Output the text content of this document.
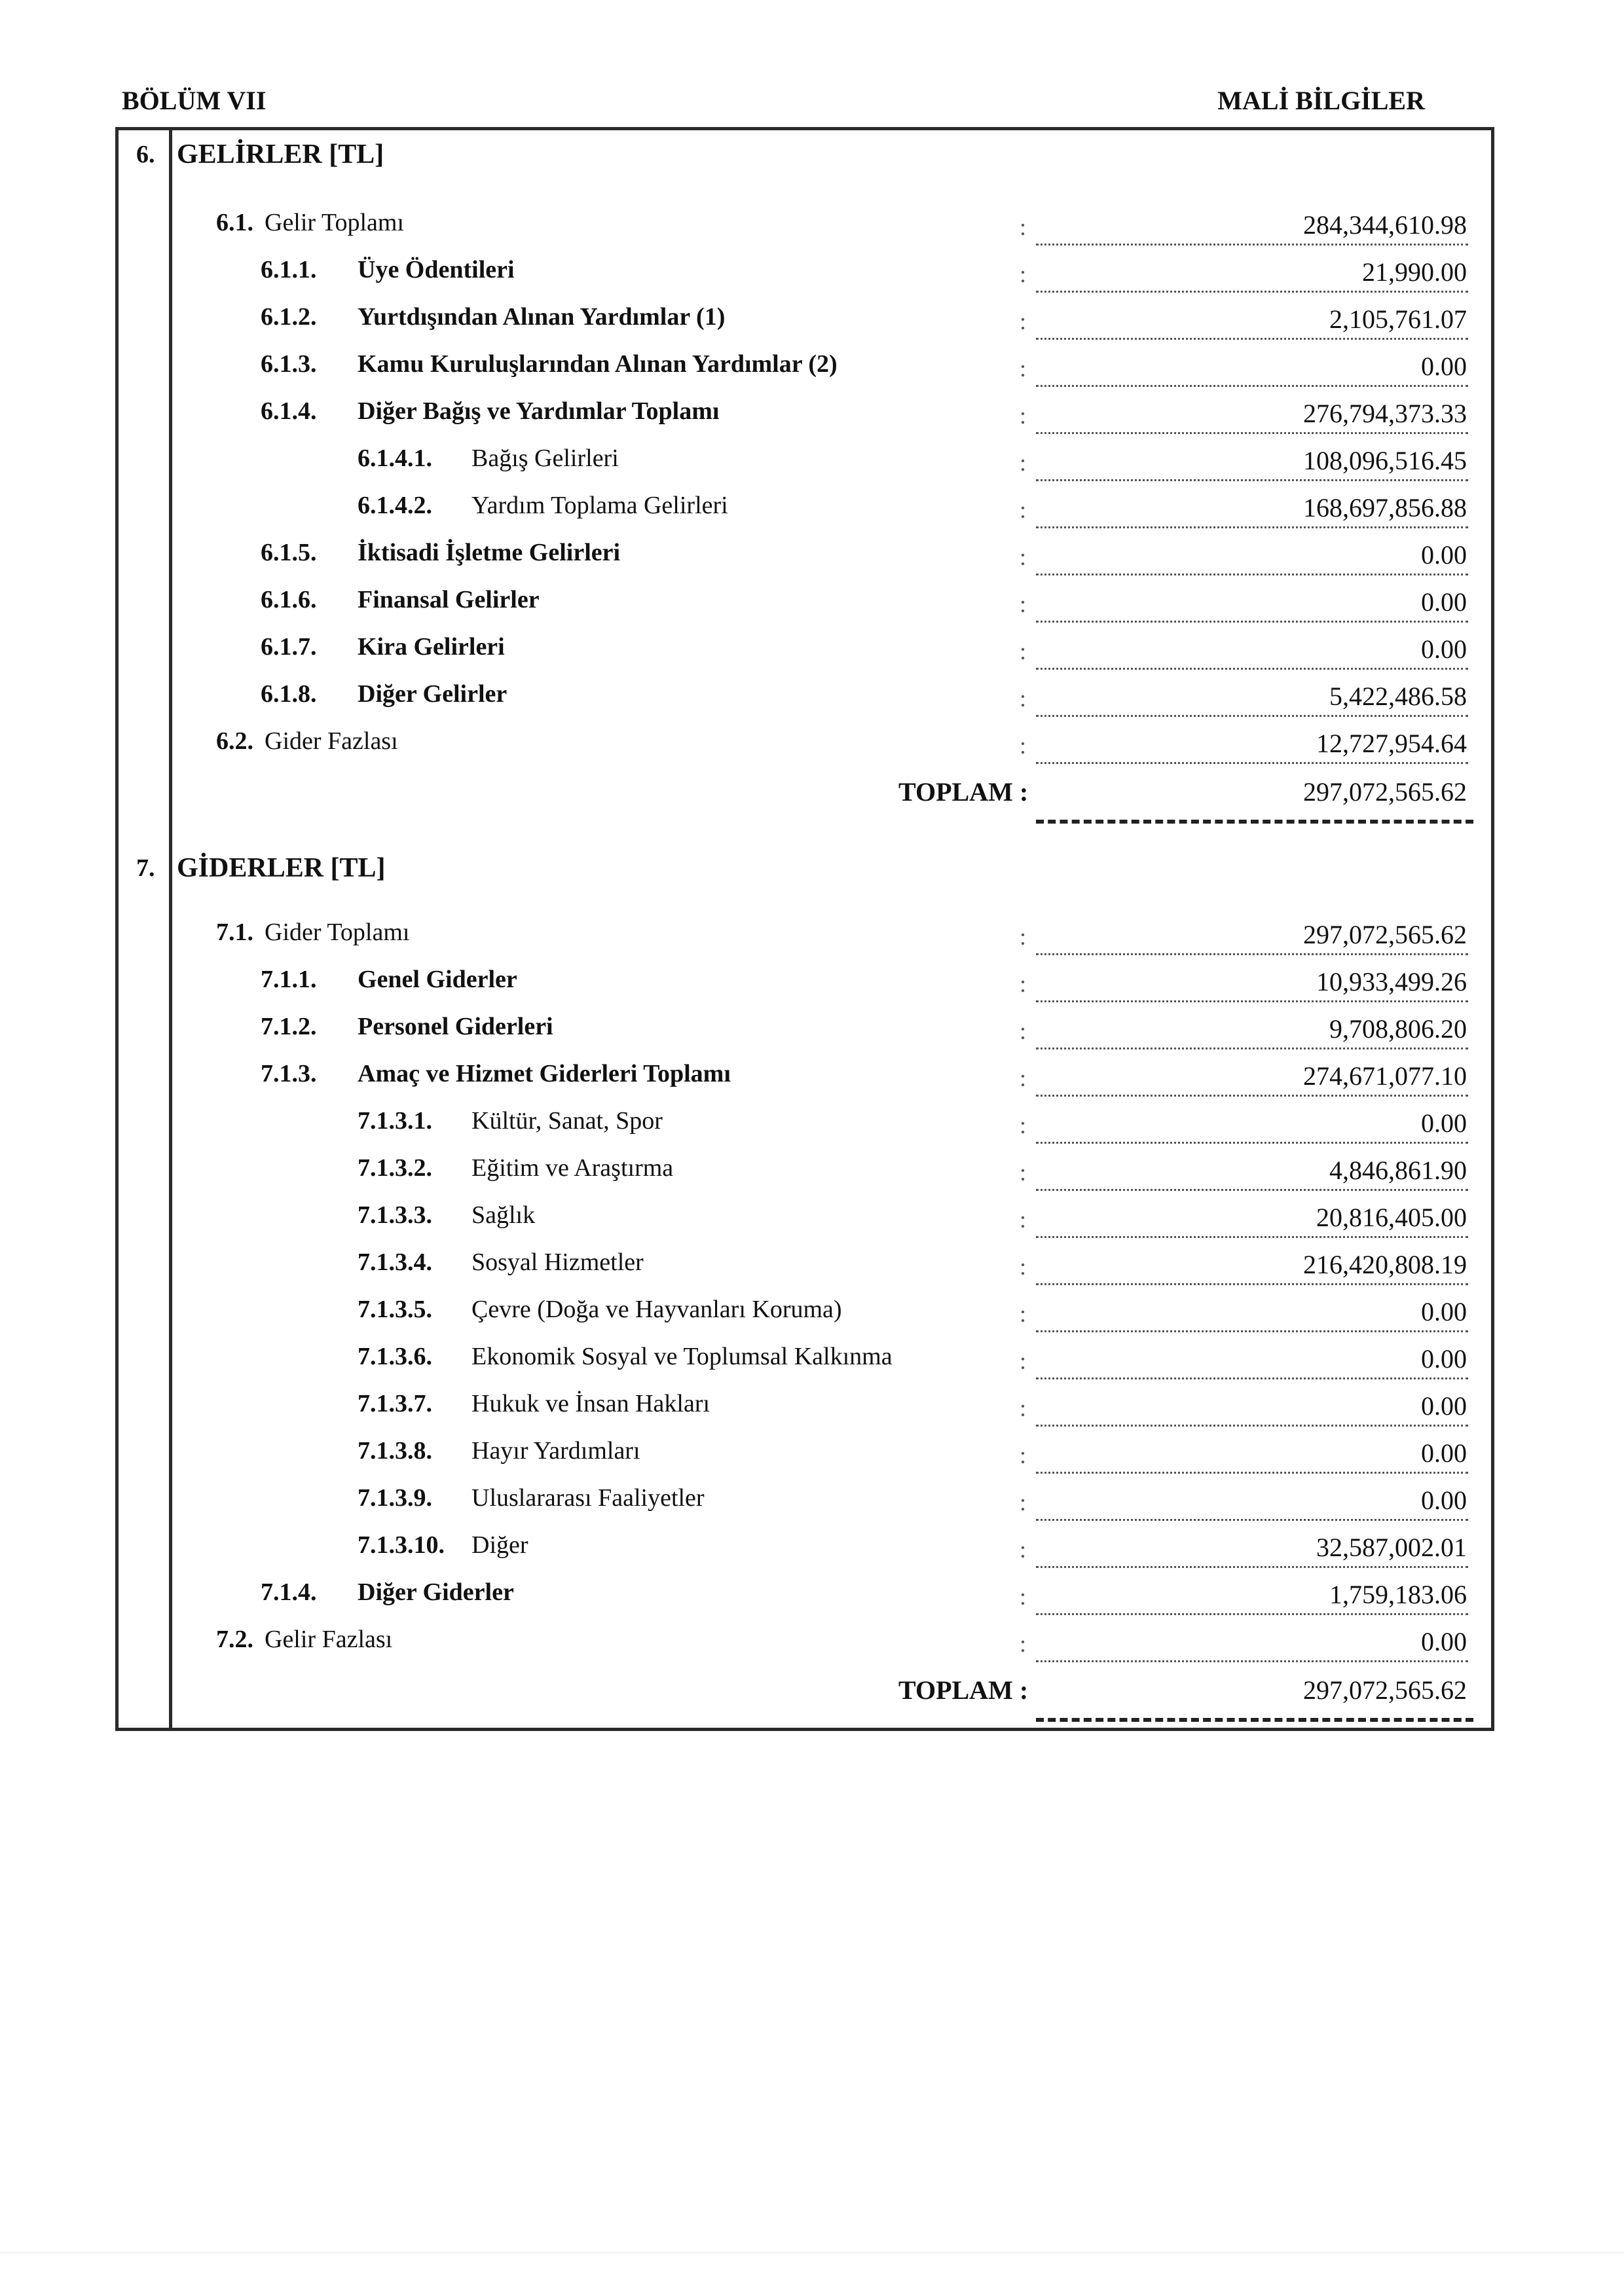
BÖLÜM VII	MALİ BİLGİLER
6. GELİRLER [TL]
6.1. Gelir Toplamı	:	284,344,610.98
6.1.1. Üye Ödentileri	:	21,990.00
6.1.2. Yurtdışından Alınan Yardımlar (1)	:	2,105,761.07
6.1.3. Kamu Kuruluşlarından Alınan Yardımlar (2)	:	0.00
6.1.4. Diğer Bağış ve Yardımlar Toplamı	:	276,794,373.33
6.1.4.1. Bağış Gelirleri	:	108,096,516.45
6.1.4.2. Yardım Toplama Gelirleri	:	168,697,856.88
6.1.5. İktisadi İşletme Gelirleri	:	0.00
6.1.6. Finansal Gelirler	:	0.00
6.1.7. Kira Gelirleri	:	0.00
6.1.8. Diğer Gelirler	:	5,422,486.58
6.2. Gider Fazlası	:	12,727,954.64
TOPLAM :	297,072,565.62
7. GİDERLER [TL]
7.1. Gider Toplamı	:	297,072,565.62
7.1.1. Genel Giderler	:	10,933,499.26
7.1.2. Personel Giderleri	:	9,708,806.20
7.1.3. Amaç ve Hizmet Giderleri Toplamı	:	274,671,077.10
7.1.3.1. Kültür, Sanat, Spor	:	0.00
7.1.3.2. Eğitim ve Araştırma	:	4,846,861.90
7.1.3.3. Sağlık	:	20,816,405.00
7.1.3.4. Sosyal Hizmetler	:	216,420,808.19
7.1.3.5. Çevre (Doğa ve Hayvanları Koruma)	:	0.00
7.1.3.6. Ekonomik Sosyal ve Toplumsal Kalkınma	:	0.00
7.1.3.7. Hukuk ve İnsan Hakları	:	0.00
7.1.3.8. Hayır Yardımları	:	0.00
7.1.3.9. Uluslararası Faaliyetler	:	0.00
7.1.3.10. Diğer	:	32,587,002.01
7.1.4. Diğer Giderler	:	1,759,183.06
7.2. Gelir Fazlası	:	0.00
TOPLAM :	297,072,565.62
